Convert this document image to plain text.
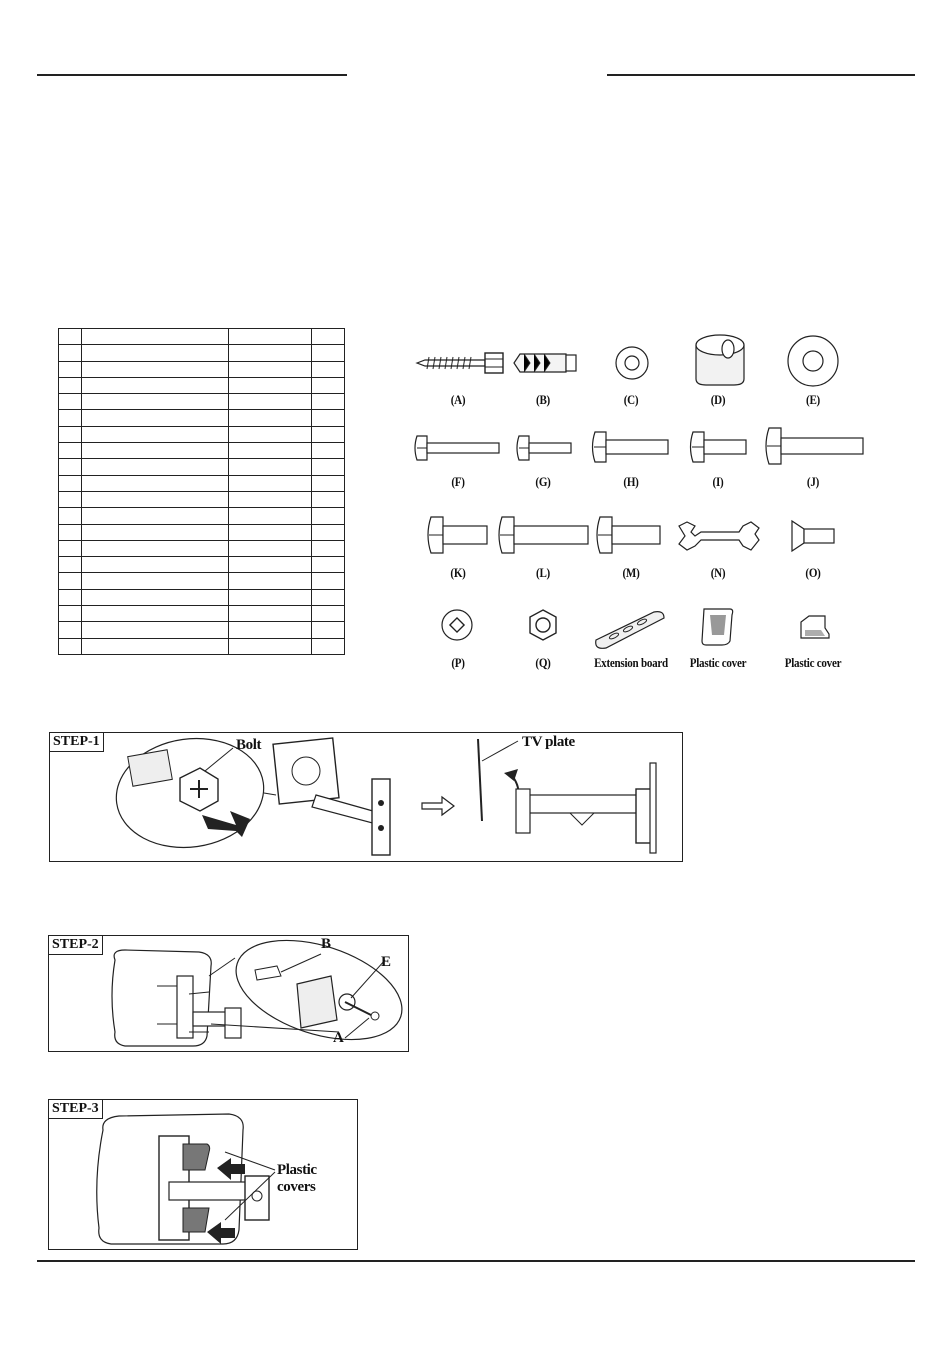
(A)	(B)	(C)	(D)	(E)
(F)	(G)	(H)	(I)	(J)
(K)	(L)	(M)	(N)	(O)
(P)	(Q)	Extension board	Plastic cover	Plastic cover
STEP-1	Bolt	TV plate
STEP-2	B
E
A
STEP-3
Plastic covers
